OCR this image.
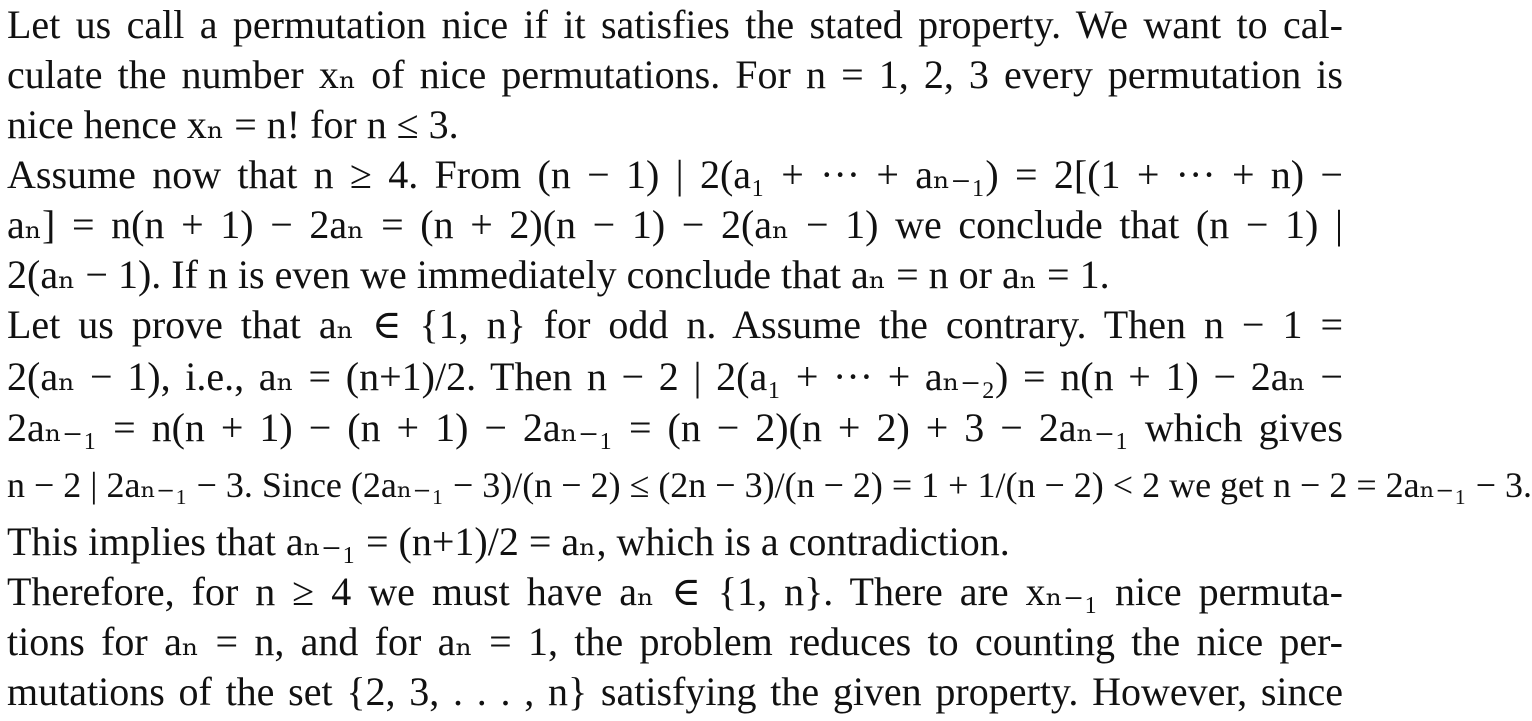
Let us call a permutation nice if it satisfies the stated property. We want to cal-
culate the number xₙ of nice permutations. For n = 1, 2, 3 every permutation is
nice hence xₙ = n! for n ≤ 3.
Assume now that n ≥ 4. From (n − 1) | 2(a₁ + ··· + aₙ₋₁) = 2[(1 + ··· + n) −
aₙ] = n(n + 1) − 2aₙ = (n + 2)(n − 1) − 2(aₙ − 1) we conclude that (n − 1) |
2(aₙ − 1). If n is even we immediately conclude that aₙ = n or aₙ = 1.
Let us prove that aₙ ∈ {1, n} for odd n. Assume the contrary. Then n − 1 =
2(aₙ − 1), i.e., aₙ = (n+1)/2. Then n − 2 | 2(a₁ + ··· + aₙ₋₂) = n(n + 1) − 2aₙ −
2aₙ₋₁ = n(n + 1) − (n + 1) − 2aₙ₋₁ = (n − 2)(n + 2) + 3 − 2aₙ₋₁ which gives
n − 2 | 2aₙ₋₁ − 3. Since (2aₙ₋₁ − 3)/(n − 2) ≤ (2n − 3)/(n − 2) = 1 + 1/(n − 2) < 2 we get n − 2 = 2aₙ₋₁ − 3.
This implies that aₙ₋₁ = (n+1)/2 = aₙ, which is a contradiction.
Therefore, for n ≥ 4 we must have aₙ ∈ {1, n}. There are xₙ₋₁ nice permuta-
tions for aₙ = n, and for aₙ = 1, the problem reduces to counting the nice per-
mutations of the set {2, 3, . . . , n} satisfying the given property. However, since
